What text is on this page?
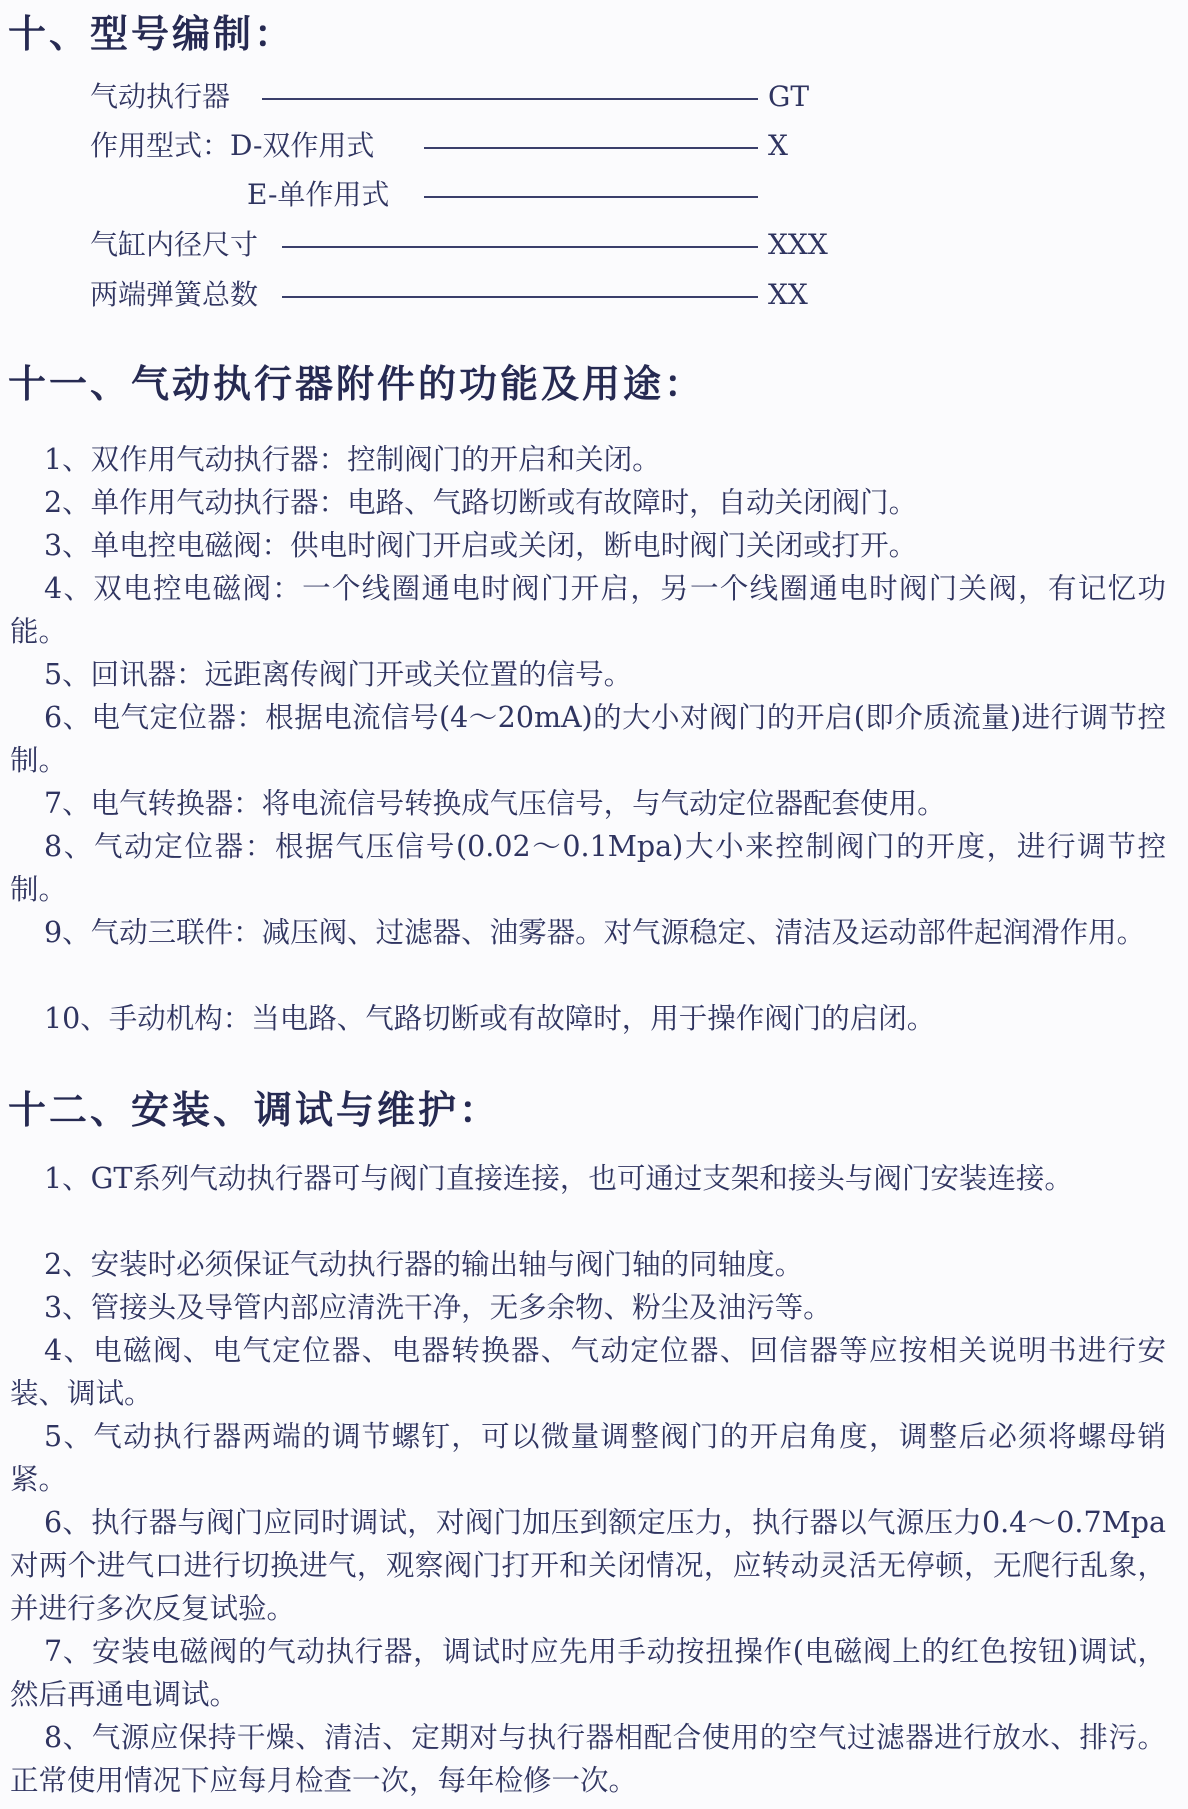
十、型号编制：
气动执行器	GT
作用型式：D-双作用式	X
E-单作用式
气缸内径尺寸	XXX
两端弹簧总数	XX
十一、气动执行器附件的功能及用途：

1、双作用气动执行器：控制阀门的开启和关闭。

2、单作用气动执行器：电路、气路切断或有故障时，自动关闭阀门。

3、单电控电磁阀：供电时阀门开启或关闭，断电时阀门关闭或打开。

4、双电控电磁阀：一个线圈通电时阀门开启，另一个线圈通电时阀门关阀，有记忆功能。

5、回讯器：远距离传阀门开或关位置的信号。

6、电气定位器：根据电流信号(4～20mA)的大小对阀门的开启(即介质流量)进行调节控制。

7、电气转换器：将电流信号转换成气压信号，与气动定位器配套使用。

8、气动定位器：根据气压信号(0.02～0.1Mpa)大小来控制阀门的开度，进行调节控制。

9、气动三联件：减压阀、过滤器、油雾器。对气源稳定、清洁及运动部件起润滑作用。

10、手动机构：当电路、气路切断或有故障时，用于操作阀门的启闭。

十二、安装、调试与维护：

1、GT系列气动执行器可与阀门直接连接，也可通过支架和接头与阀门安装连接。

2、安装时必须保证气动执行器的输出轴与阀门轴的同轴度。

3、管接头及导管内部应清洗干净，无多余物、粉尘及油污等。

4、电磁阀、电气定位器、电器转换器、气动定位器、回信器等应按相关说明书进行安装、调试。

5、气动执行器两端的调节螺钉，可以微量调整阀门的开启角度，调整后必须将螺母销紧。

6、执行器与阀门应同时调试，对阀门加压到额定压力，执行器以气源压力0.4～0.7Mpa对两个进气口进行切换进气，观察阀门打开和关闭情况，应转动灵活无停顿，无爬行乱象，并进行多次反复试验。

7、安装电磁阀的气动执行器，调试时应先用手动按扭操作(电磁阀上的红色按钮)调试，然后再通电调试。

8、气源应保持干燥、清洁、定期对与执行器相配合使用的空气过滤器进行放水、排污。正常使用情况下应每月检查一次，每年检修一次。
